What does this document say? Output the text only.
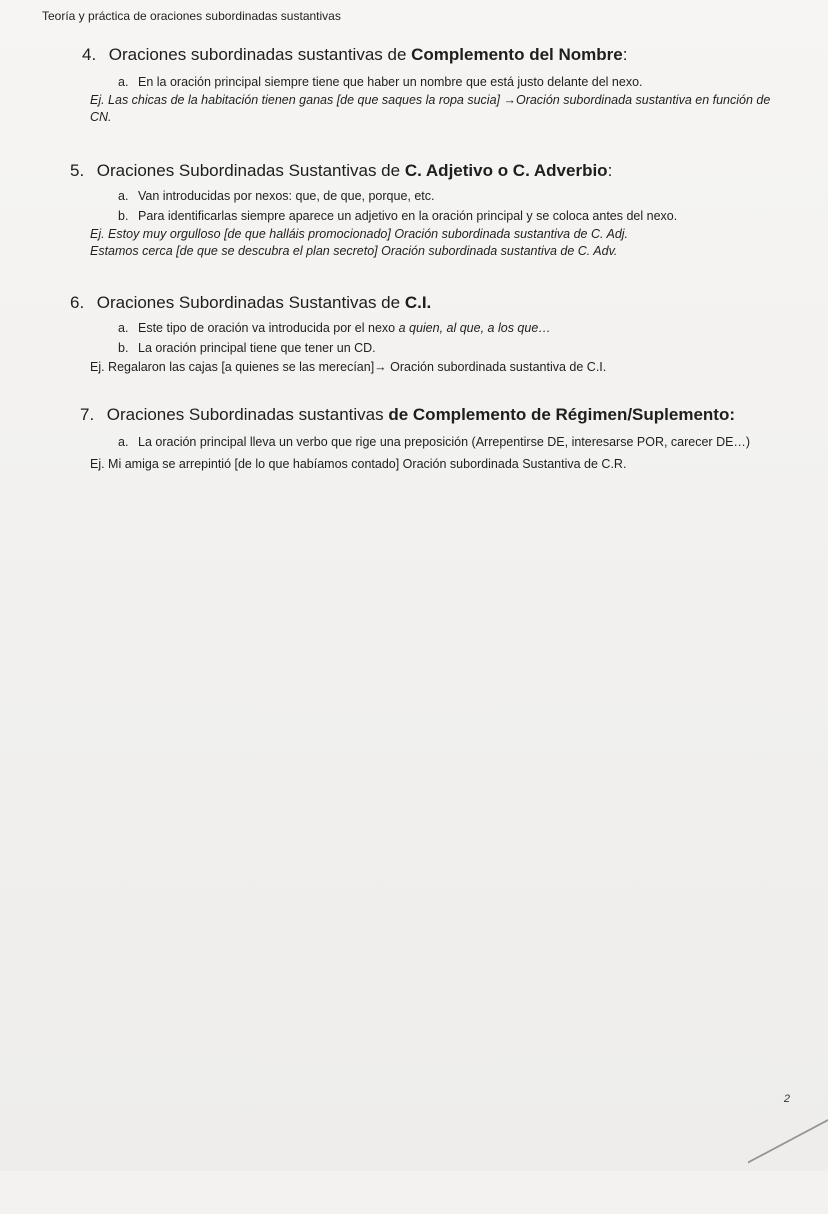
Teoría y práctica de oraciones subordinadas sustantivas
4. Oraciones subordinadas sustantivas de Complemento del Nombre:
a. En la oración principal siempre tiene que haber un nombre que está justo delante del nexo.
Ej. Las chicas de la habitación tienen ganas [de que saques la ropa sucia] →Oración subordinada sustantiva en función de CN.
5. Oraciones Subordinadas Sustantivas de C. Adjetivo o C. Adverbio:
a. Van introducidas por nexos: que, de que, porque, etc.
b. Para identificarlas siempre aparece un adjetivo en la oración principal y se coloca antes del nexo.
Ej. Estoy muy orgulloso [de que halláis promocionado] Oración subordinada sustantiva de C. Adj.
Estamos cerca [de que se descubra el plan secreto] Oración subordinada sustantiva de C. Adv.
6. Oraciones Subordinadas Sustantivas de C.I.
a. Este tipo de oración va introducida por el nexo a quien, al que, a los que…
b. La oración principal tiene que tener un CD.
Ej. Regalaron las cajas [a quienes se las merecían]→ Oración subordinada sustantiva de C.I.
7. Oraciones Subordinadas sustantivas de Complemento de Régimen/Suplemento:
a. La oración principal lleva un verbo que rige una preposición (Arrepentirse DE, interesarse POR, carecer DE…)
Ej. Mi amiga se arrepintió [de lo que habíamos contado] Oración subordinada Sustantiva de C.R.
2
